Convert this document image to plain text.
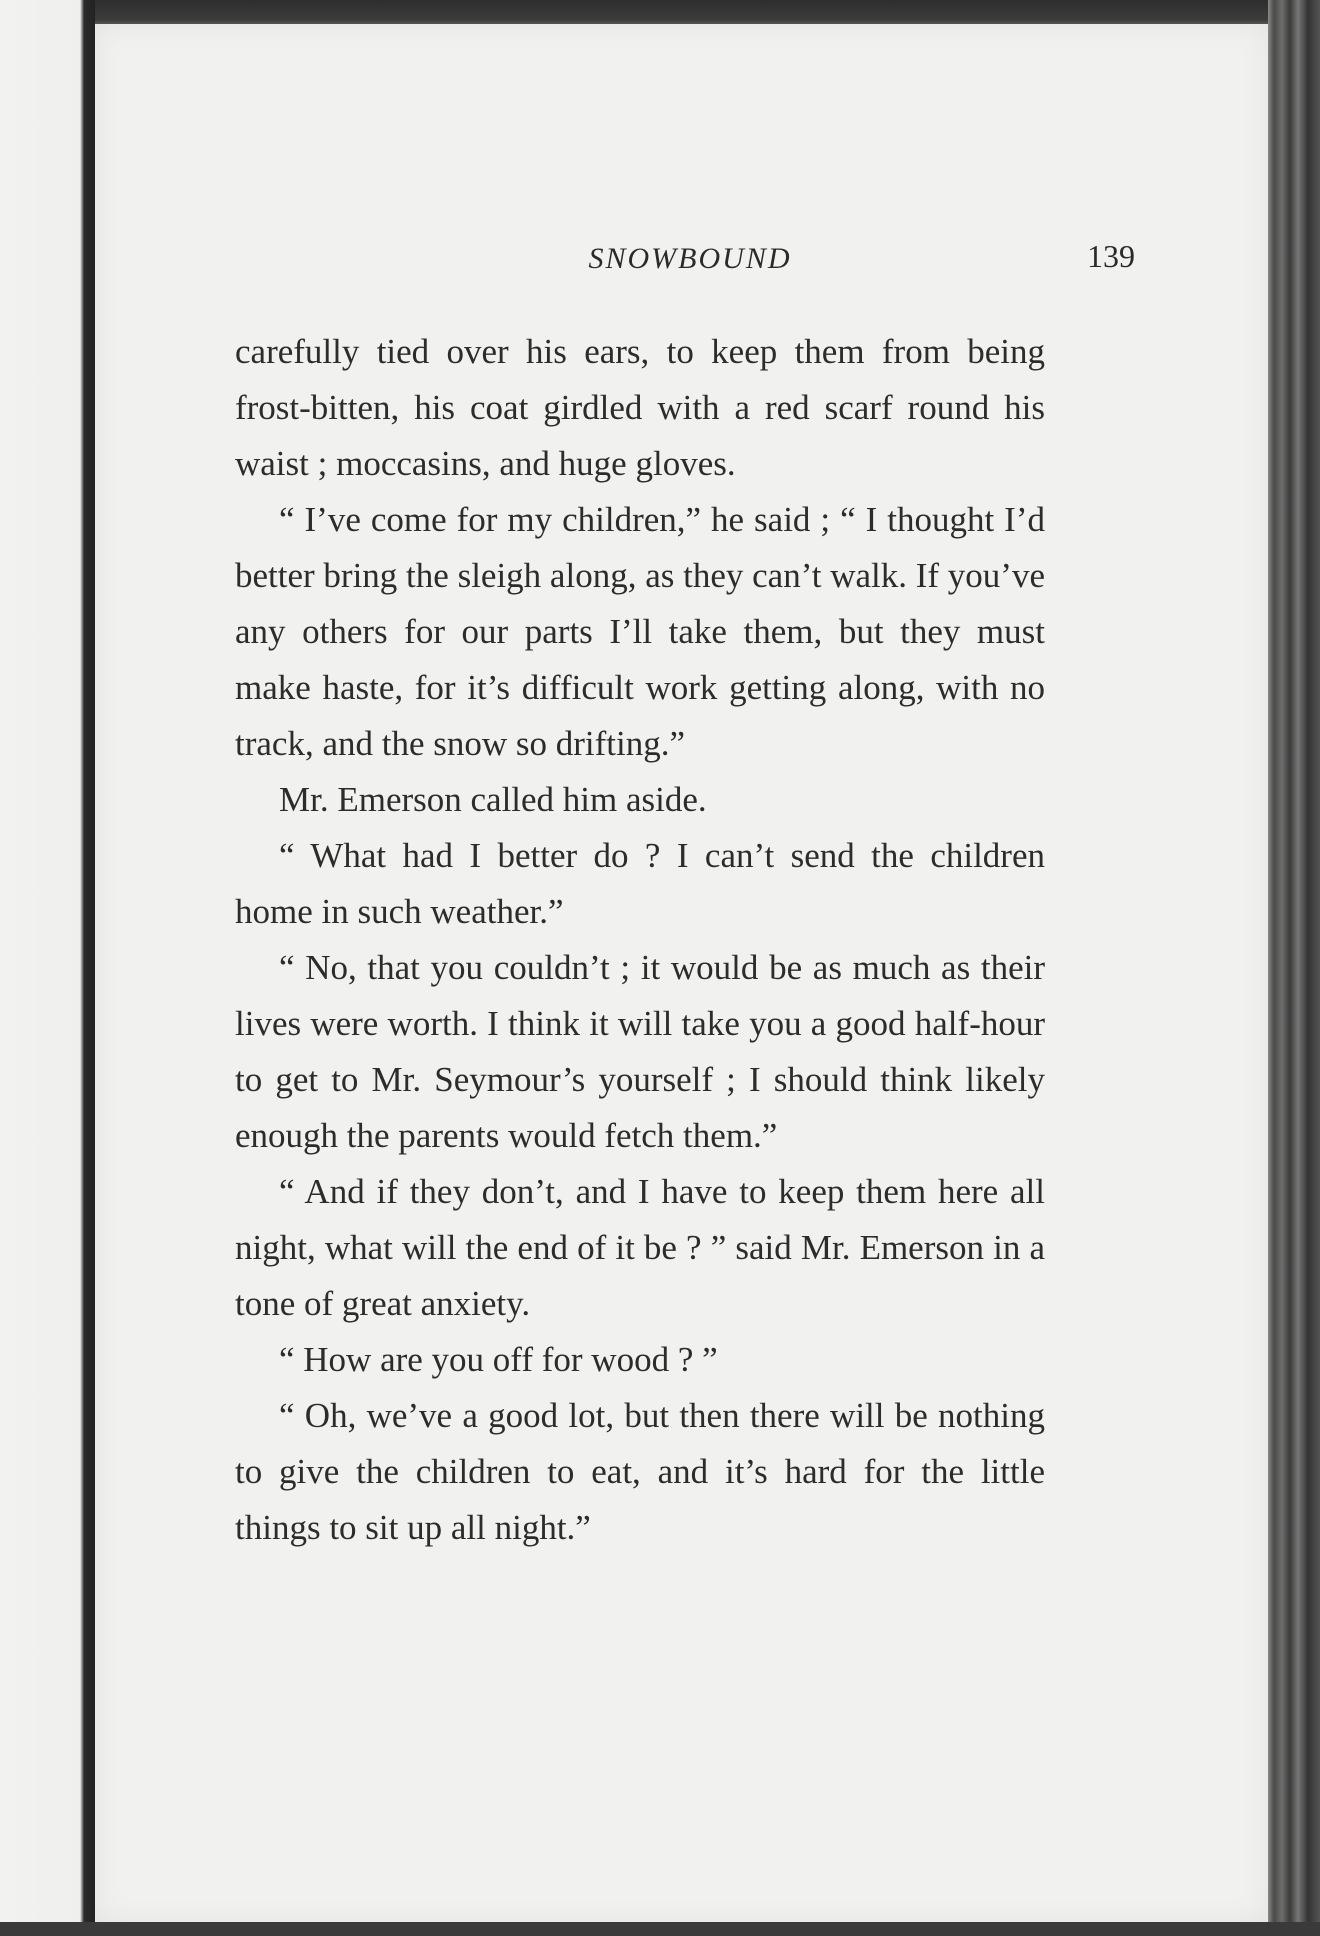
SNOWBOUND	139

carefully tied over his ears, to keep them from being frost-bitten, his coat girdled with a red scarf round his waist ; moccasins, and huge gloves.

“ I’ve come for my children,” he said ; “ I thought I’d better bring the sleigh along, as they can’t walk. If you’ve any others for our parts I’ll take them, but they must make haste, for it’s difficult work getting along, with no track, and the snow so drifting.”

Mr. Emerson called him aside.

“ What had I better do ? I can’t send the children home in such weather.”

“ No, that you couldn’t ; it would be as much as their lives were worth. I think it will take you a good half-hour to get to Mr. Seymour’s yourself ; I should think likely enough the parents would fetch them.”

“ And if they don’t, and I have to keep them here all night, what will the end of it be ? ” said Mr. Emerson in a tone of great anxiety.

“ How are you off for wood ? ”

“ Oh, we’ve a good lot, but then there will be nothing to give the children to eat, and it’s hard for the little things to sit up all night.”
